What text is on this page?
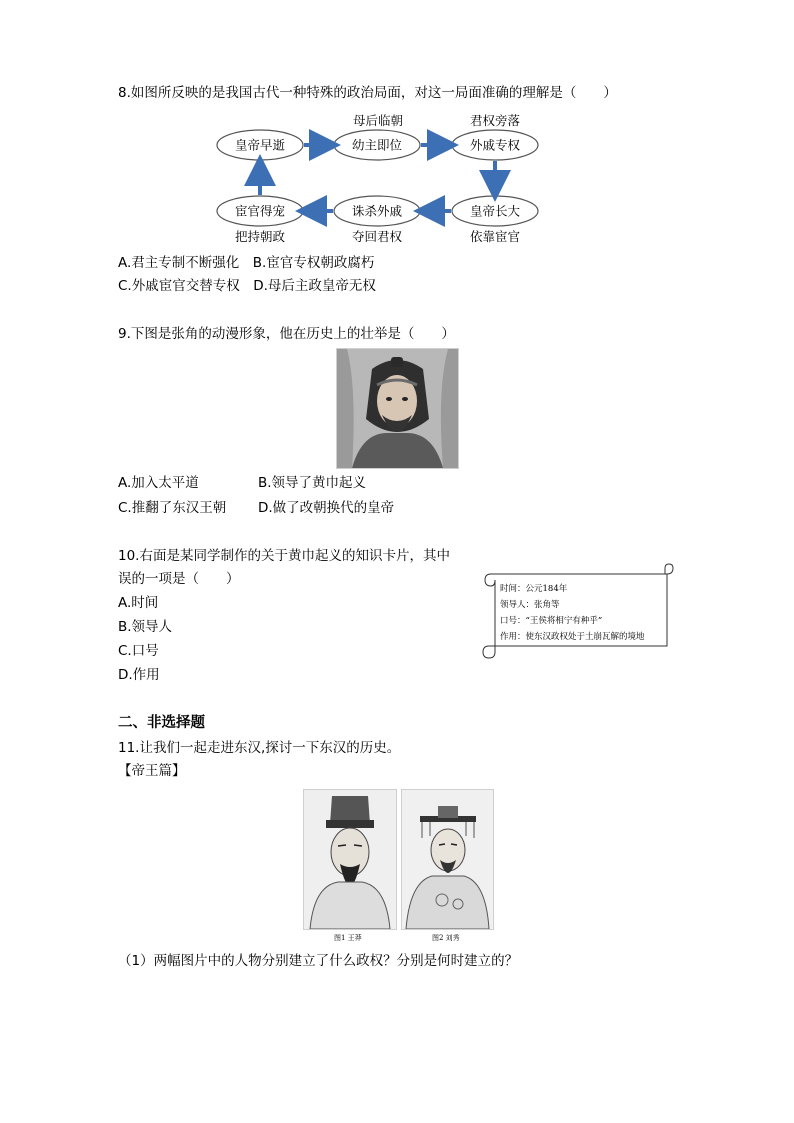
8.如图所反映的是我国古代一种特殊的政治局面，对这一局面准确的理解是（　　）
母后临朝	君权旁落
皇帝早逝	幼主即位	外戚专权
皇帝长大
诛杀外戚
宦官得宠
依靠宦官
夺回君权
把持朝政
A.君主专制不断强化　B.宦官专权朝政腐朽
C.外戚宦官交替专权　D.母后主政皇帝无权
9.下图是张角的动漫形象，他在历史上的壮举是（　　）
A.加入太平道	B.领导了黄巾起义
C.推翻了东汉王朝 D.做了改朝换代的皇帝
10.右面是某同学制作的关于黄巾起义的知识卡片，其中
误的一项是（　　）
A.时间
B.领导人
C.口号
D.作用
时间：公元184年
领导人：张角等
口号：“王侯将相宁有种乎”
作用：使东汉政权处于土崩瓦解的境地
二、非选择题
11.让我们一起走进东汉,探讨一下东汉的历史。
【帝王篇】
图1 王莽	图2 刘秀
（1）两幅图片中的人物分别建立了什么政权？分别是何时建立的？
